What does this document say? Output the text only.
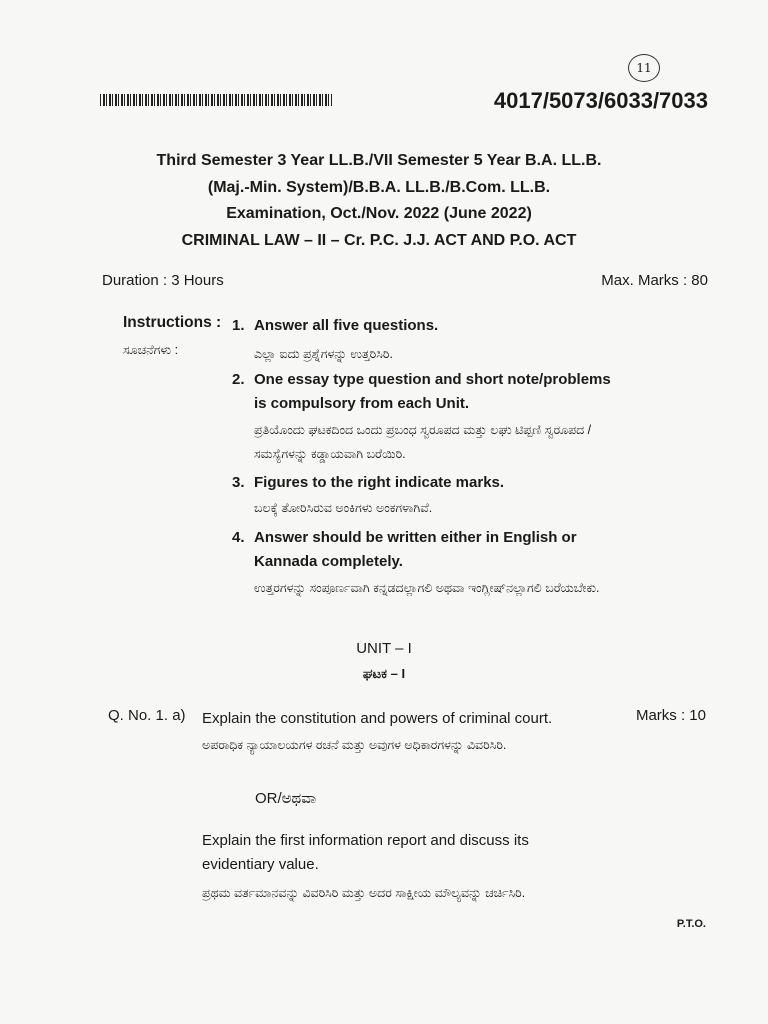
11
4017/5073/6033/7033
Third Semester 3 Year LL.B./VII Semester 5 Year B.A. LL.B.
(Maj.-Min. System)/B.B.A. LL.B./B.Com. LL.B.
Examination, Oct./Nov. 2022 (June 2022)
CRIMINAL LAW – II – Cr. P.C. J.J. ACT AND P.O. ACT
Duration : 3 Hours	Max. Marks : 80
Instructions :
ಸೂಚನೆಗಳು :
1. Answer all five questions.
ಎಲ್ಲಾ ಐದು ಪ್ರಶ್ನೆಗಳನ್ನು ಉತ್ತರಿಸಿರಿ.
2. One essay type question and short note/problems is compulsory from each Unit.
ಪ್ರತಿಯೊಂದು ಘಟಕದಿಂದ ಒಂದು ಪ್ರಬಂಧ ಸ್ವರೂಪದ ಮತ್ತು ಲಘು ಟಿಪ್ಪಣಿ ಸ್ವರೂಪದ / ಸಮಸ್ಯೆಗಳನ್ನು ಕಡ್ಡಾಯವಾಗಿ ಬರೆಯಿರಿ.
3. Figures to the right indicate marks.
ಬಲಕ್ಕೆ ತೋರಿಸಿರುವ ಅಂಕಿಗಳು ಅಂಕಗಳಾಗಿವೆ.
4. Answer should be written either in English or Kannada completely.
ಉತ್ತರಗಳನ್ನು ಸಂಪೂರ್ಣವಾಗಿ ಕನ್ನಡದಲ್ಲಾಗಲಿ ಅಥವಾ ಇಂಗ್ಲೀಷ್‌ನಲ್ಲಾಗಲಿ ಬರೆಯಬೇಕು.
UNIT – I
ಘಟಕ – I
Q. No. 1. a)	Marks : 10
Explain the constitution and powers of criminal court.
ಅಪರಾಧಿಕ ನ್ಯಾಯಾಲಯಗಳ ರಚನೆ ಮತ್ತು ಅವುಗಳ ಅಧಿಕಾರಗಳನ್ನು ವಿವರಿಸಿರಿ.
OR/ಅಥವಾ
Explain the first information report and discuss its evidentiary value.
ಪ್ರಥಮ ವರ್ತಮಾನವನ್ನು ವಿವರಿಸಿರಿ ಮತ್ತು ಅದರ ಸಾಕ್ಷೀಯ ಮೌಲ್ಯವನ್ನು ಚರ್ಚಿಸಿರಿ.
P.T.O.
